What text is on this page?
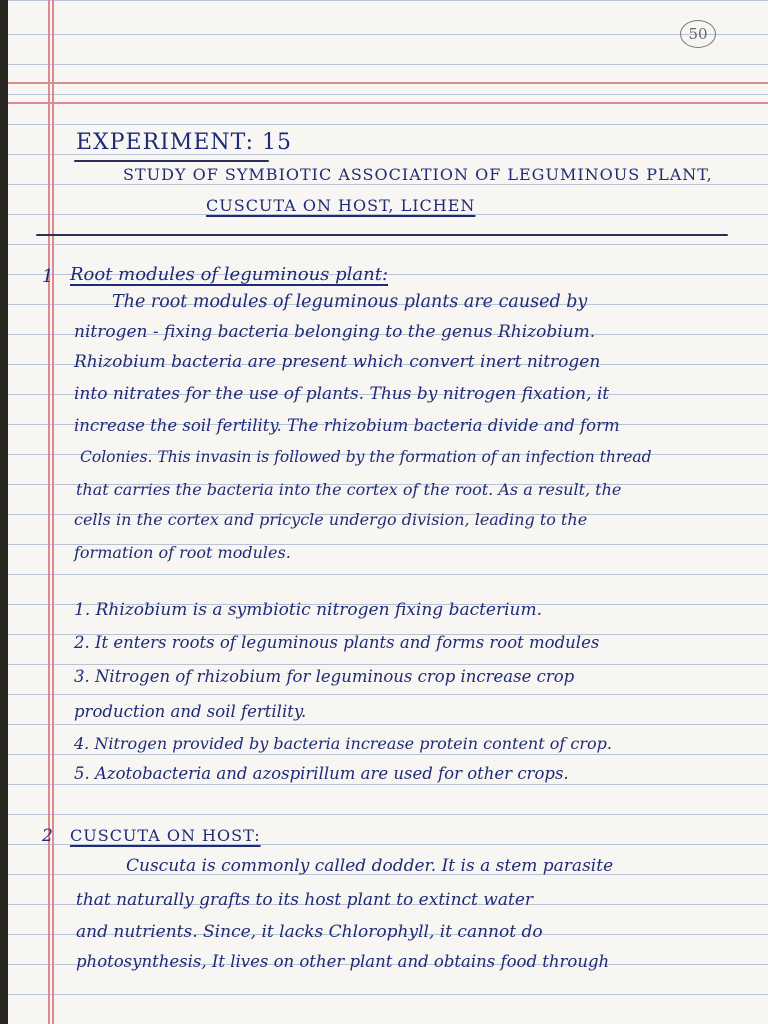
50
EXPERIMENT: 15
STUDY OF SYMBIOTIC ASSOCIATION OF LEGUMINOUS PLANT,
CUSCUTA ON HOST, LICHEN
1 Root modules of leguminous plant:
The root modules of leguminous plants are caused by
nitrogen - fixing bacteria belonging to the genus Rhizobium.
Rhizobium bacteria are present which convert inert nitrogen
into nitrates for the use of plants. Thus by nitrogen fixation, it
increase the soil fertility. The rhizobium bacteria divide and form
Colonies. This invasin is followed by the formation of an infection thread
that carries the bacteria into the cortex of the root. As a result, the
cells in the cortex and pricycle undergo division, leading to the
formation of root modules.
1. Rhizobium is a symbiotic nitrogen fixing bacterium.
2. It enters roots of leguminous plants and forms root modules
3. Nitrogen of rhizobium for leguminous crop increase crop
production and soil fertility.
4. Nitrogen provided by bacteria increase protein content of crop.
5. Azotobacteria and azospirillum are used for other crops.
2 CUSCUTA ON HOST:
Cuscuta is commonly called dodder. It is a stem parasite
that naturally grafts to its host plant to extinct water
and nutrients. Since, it lacks Chlorophyll, it cannot do
photosynthesis, It lives on other plant and obtains food through
